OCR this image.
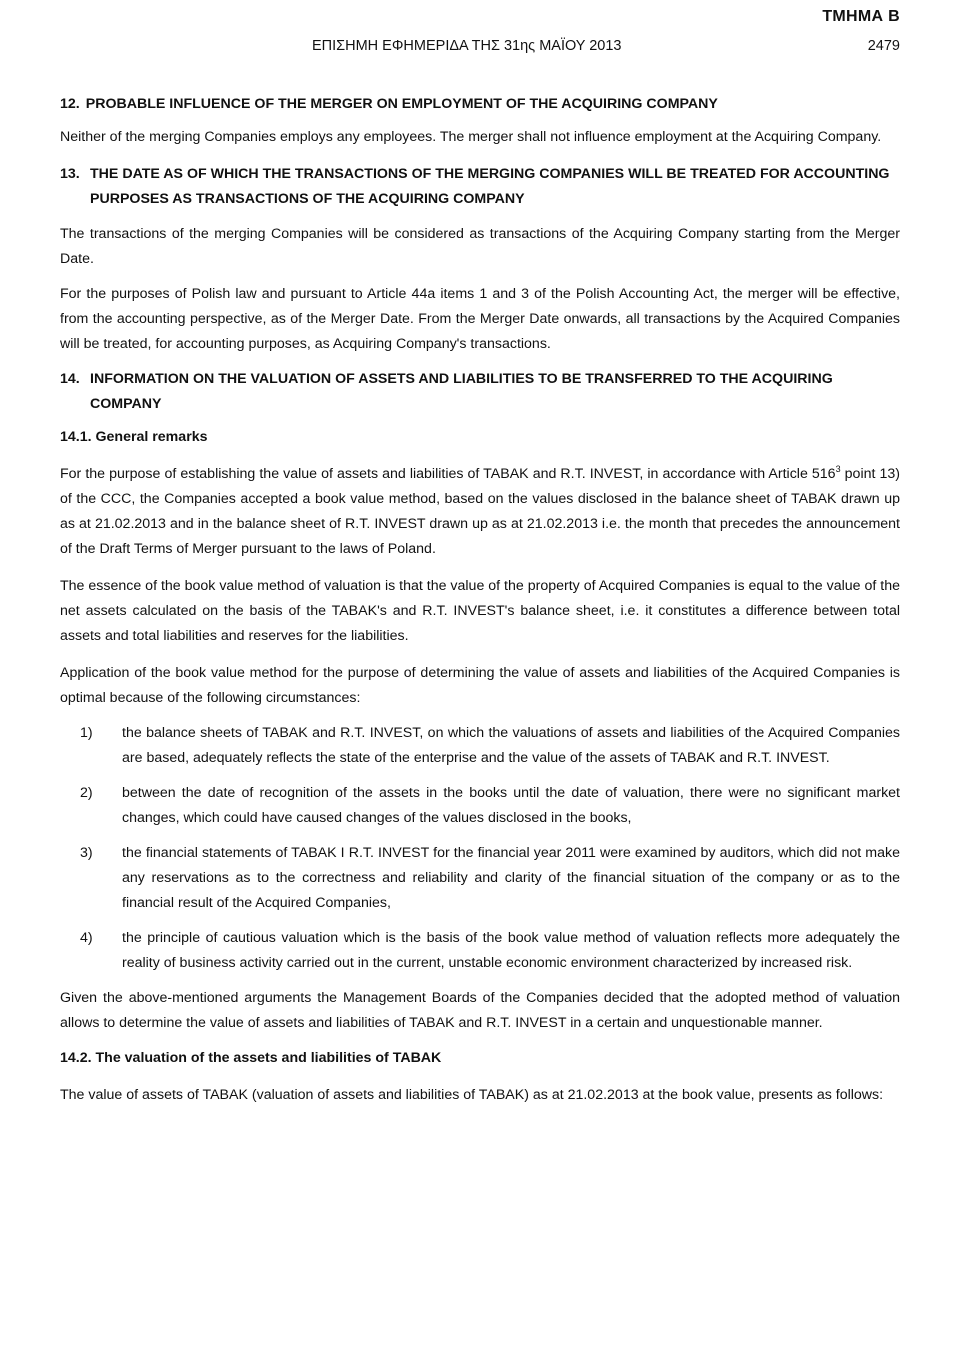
ΤΜΗΜΑ Β
ΕΠΙΣΗΜΗ ΕΦΗΜΕΡΙΔΑ ΤΗΣ 31ης ΜΑΪΟΥ 2013	2479
12. PROBABLE INFLUENCE OF THE MERGER ON EMPLOYMENT OF THE ACQUIRING COMPANY

Neither of the merging Companies employs any employees. The merger shall not influence employment at the Acquiring Company.

13. THE DATE AS OF WHICH THE TRANSACTIONS OF THE MERGING COMPANIES WILL BE TREATED FOR ACCOUNTING PURPOSES AS TRANSACTIONS OF THE ACQUIRING COMPANY

The transactions of the merging Companies will be considered as transactions of the Acquiring Company starting from the Merger Date.

For the purposes of Polish law and pursuant to Article 44a items 1 and 3 of the Polish Accounting Act, the merger will be effective, from the accounting perspective, as of the Merger Date. From the Merger Date onwards, all transactions by the Acquired Companies will be treated, for accounting purposes, as Acquiring Company's transactions.

14. INFORMATION ON THE VALUATION OF ASSETS AND LIABILITIES TO BE TRANSFERRED TO THE ACQUIRING COMPANY
14.1. General remarks

For the purpose of establishing the value of assets and liabilities of TABAK and R.T. INVEST, in accordance with Article $516^3$ point 13) of the CCC, the Companies accepted a book value method, based on the values disclosed in the balance sheet of TABAK drawn up as at 21.02.2013 and in the balance sheet of R.T. INVEST drawn up as at 21.02.2013 i.e. the month that precedes the announcement of the Draft Terms of Merger pursuant to the laws of Poland.

The essence of the book value method of valuation is that the value of the property of Acquired Companies is equal to the value of the net assets calculated on the basis of the TABAK's and R.T. INVEST's balance sheet, i.e. it constitutes a difference between total assets and total liabilities and reserves for the liabilities.

Application of the book value method for the purpose of determining the value of assets and liabilities of the Acquired Companies is optimal because of the following circumstances:

1)	the balance sheets of TABAK and R.T. INVEST, on which the valuations of assets and liabilities of the Acquired Companies are based, adequately reflects the state of the enterprise and the value of the assets of TABAK and R.T. INVEST.
2)	between the date of recognition of the assets in the books until the date of valuation, there were no significant market changes, which could have caused changes of the values disclosed in the books,
3)	the financial statements of TABAK I R.T. INVEST for the financial year 2011 were examined by auditors, which did not make any reservations as to the correctness and reliability and clarity of the financial situation of the company or as to the financial result of the Acquired Companies,
4)	the principle of cautious valuation which is the basis of the book value method of valuation reflects more adequately the reality of business activity carried out in the current, unstable economic environment characterized by increased risk.

Given the above-mentioned arguments the Management Boards of the Companies decided that the adopted method of valuation allows to determine the value of assets and liabilities of TABAK and R.T. INVEST in a certain and unquestionable manner.

14.2. The valuation of the assets and liabilities of TABAK

The value of assets of TABAK (valuation of assets and liabilities of TABAK) as at 21.02.2013 at the book value, presents as follows:
